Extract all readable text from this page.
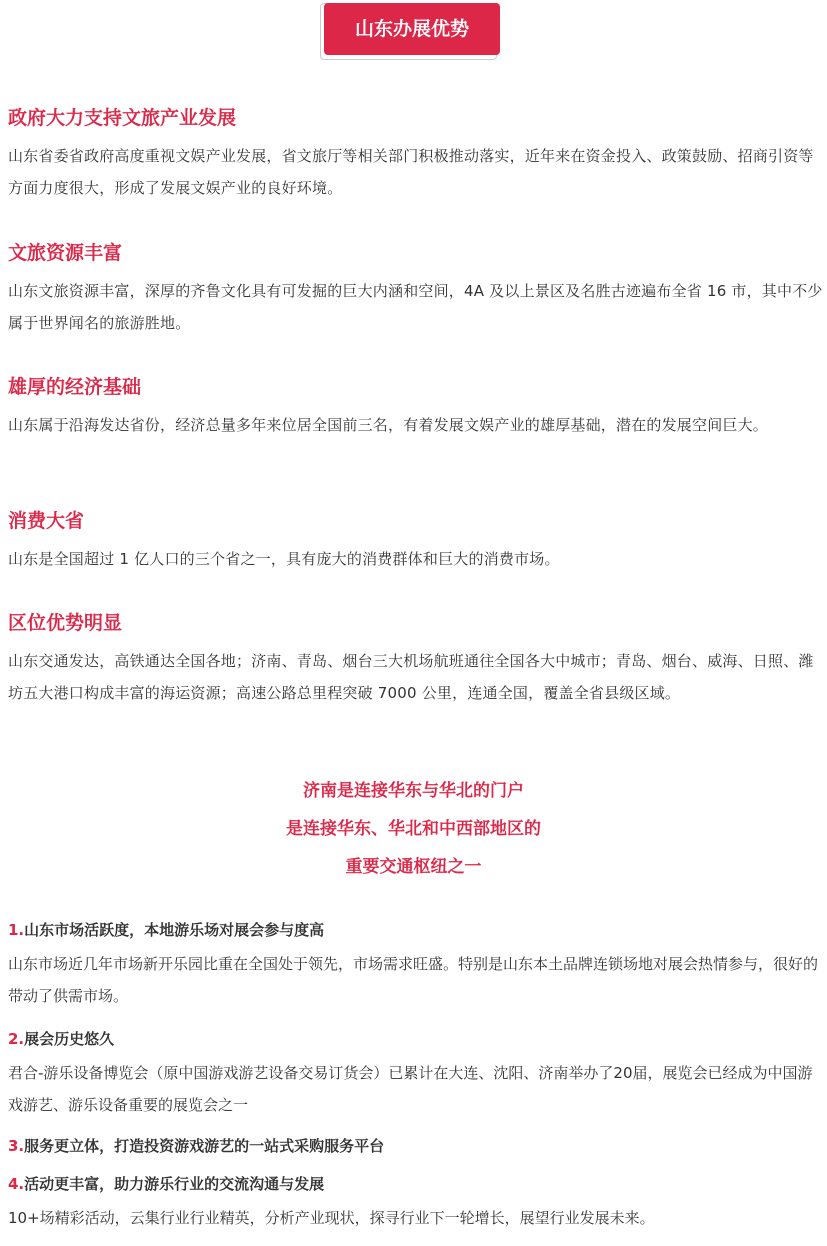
山东办展优势

政府大力支持文旅产业发展

山东省委省政府高度重视文娱产业发展，省文旅厅等相关部门积极推动落实，近年来在资金投入、政策鼓励、招商引资等方面力度很大，形成了发展文娱产业的良好环境。

文旅资源丰富

山东文旅资源丰富，深厚的齐鲁文化具有可发掘的巨大内涵和空间，4A 及以上景区及名胜古迹遍布全省 16 市，其中不少属于世界闻名的旅游胜地。

雄厚的经济基础

山东属于沿海发达省份，经济总量多年来位居全国前三名，有着发展文娱产业的雄厚基础，潜在的发展空间巨大。

消费大省

山东是全国超过 1 亿人口的三个省之一，具有庞大的消费群体和巨大的消费市场。

区位优势明显

山东交通发达，高铁通达全国各地；济南、青岛、烟台三大机场航班通往全国各大中城市；青岛、烟台、威海、日照、潍坊五大港口构成丰富的海运资源；高速公路总里程突破 7000 公里，连通全国，覆盖全省县级区域。

济南是连接华东与华北的门户

是连接华东、华北和中西部地区的

重要交通枢纽之一

1.山东市场活跃度，本地游乐场对展会参与度高

山东市场近几年市场新开乐园比重在全国处于领先，市场需求旺盛。特别是山东本土品牌连锁场地对展会热情参与，很好的带动了供需市场。

2.展会历史悠久

君合-游乐设备博览会（原中国游戏游艺设备交易订货会）已累计在大连、沈阳、济南举办了20届，展览会已经成为中国游戏游艺、游乐设备重要的展览会之一

3.服务更立体，打造投资游戏游艺的一站式采购服务平台

4.活动更丰富，助力游乐行业的交流沟通与发展

10+场精彩活动，云集行业行业精英，分析产业现状，探寻行业下一轮增长，展望行业发展未来。
